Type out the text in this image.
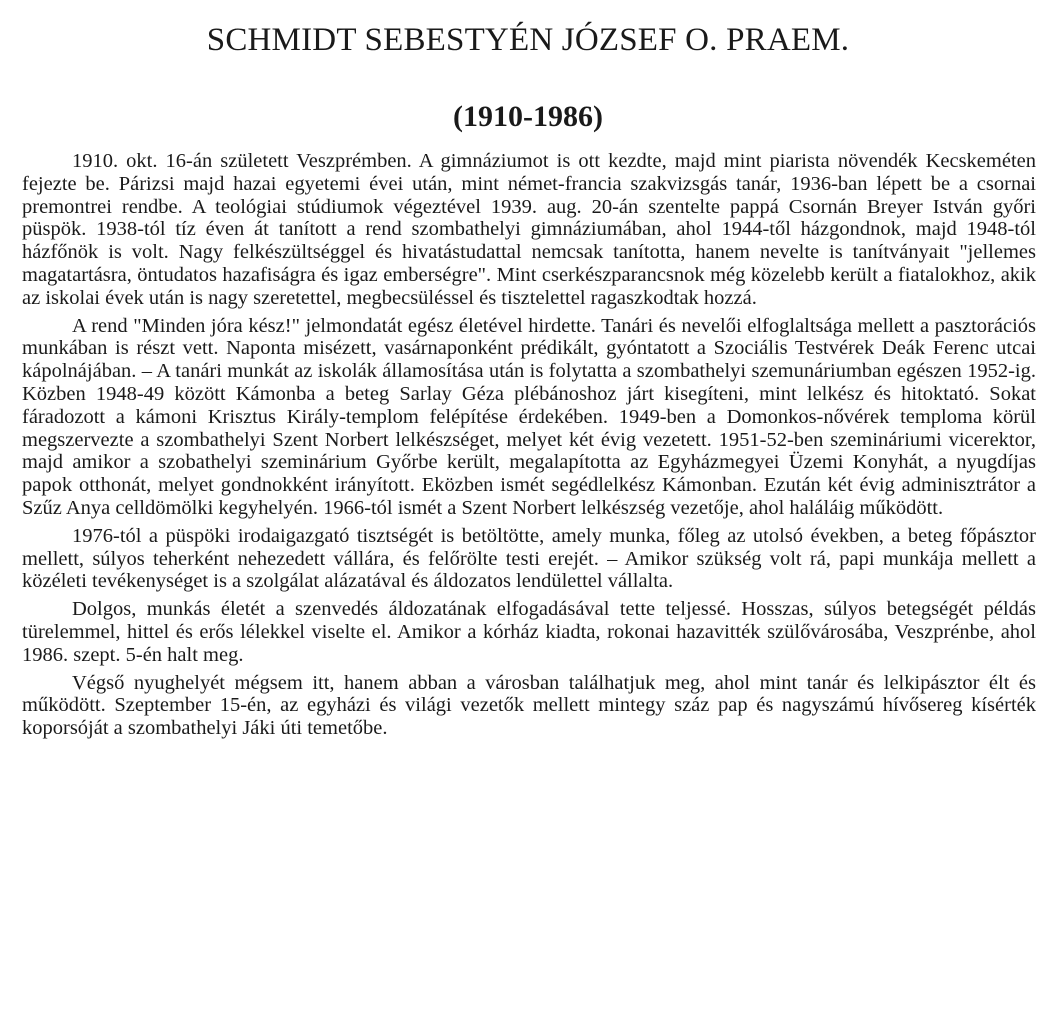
SCHMIDT SEBESTYÉN JÓZSEF O. PRAEM.
(1910-1986)

1910. okt. 16-án született Veszprémben. A gimnáziumot is ott kezdte, majd mint piarista növendék Kecskeméten fejezte be. Párizsi majd hazai egyetemi évei után, mint német-francia szakvizsgás tanár, 1936-ban lépett be a csornai premontrei rendbe. A teológiai stúdiumok végeztével 1939. aug. 20-án szentelte pappá Csornán Breyer István győri püspök. 1938-tól tíz éven át tanított a rend szombathelyi gimnáziumában, ahol 1944-től házgondnok, majd 1948-tól házfőnök is volt. Nagy felkészültséggel és hivatástudattal nemcsak tanította, hanem nevelte is tanítványait "jellemes magatartásra, öntudatos hazafiságra és igaz emberségre". Mint cserkészparancsnok még közelebb került a fiatalokhoz, akik az iskolai évek után is nagy szeretettel, megbecsüléssel és tisztelettel ragaszkodtak hozzá.

A rend "Minden jóra kész!" jelmondatát egész életével hirdette. Tanári és nevelői elfoglaltsága mellett a pasztorációs munkában is részt vett. Naponta misézett, vasárnaponként prédikált, gyóntatott a Szociális Testvérek Deák Ferenc utcai kápolnájában. – A tanári munkát az iskolák államosítása után is folytatta a szombathelyi szemunáriumban egészen 1952-ig. Közben 1948-49 között Kámonba a beteg Sarlay Géza plébánoshoz járt kisegíteni, mint lelkész és hitoktató. Sokat fáradozott a kámoni Krisztus Király-templom felépítése érdekében. 1949-ben a Domonkos-nővérek temploma körül megszervezte a szombathelyi Szent Norbert lelkészséget, melyet két évig vezetett. 1951-52-ben szemináriumi vicerektor, majd amikor a szobathelyi szeminárium Győrbe került, megalapította az Egyházmegyei Üzemi Konyhát, a nyugdíjas papok otthonát, melyet gondnokként irányított. Eközben ismét segédlelkész Kámonban. Ezután két évig adminisztrátor a Szűz Anya celldömölki kegyhelyén. 1966-tól ismét a Szent Norbert lelkészség vezetője, ahol haláláig működött.

1976-tól a püspöki irodaigazgató tisztségét is betöltötte, amely munka, főleg az utolsó években, a beteg főpásztor mellett, súlyos teherként nehezedett vállára, és felőrölte testi erejét. – Amikor szükség volt rá, papi munkája mellett a közéleti tevékenységet is a szolgálat alázatával és áldozatos lendülettel vállalta.

Dolgos, munkás életét a szenvedés áldozatának elfogadásával tette teljessé. Hosszas, súlyos betegségét példás türelemmel, hittel és erős lélekkel viselte el. Amikor a kórház kiadta, rokonai hazavitték szülővárosába, Veszprénbe, ahol 1986. szept. 5-én halt meg.

Végső nyughelyét mégsem itt, hanem abban a városban találhatjuk meg, ahol mint tanár és lelkipásztor élt és működött. Szeptember 15-én, az egyházi és világi vezetők mellett mintegy száz pap és nagyszámú hívősereg kísérték koporsóját a szombathelyi Jáki úti temetőbe.
